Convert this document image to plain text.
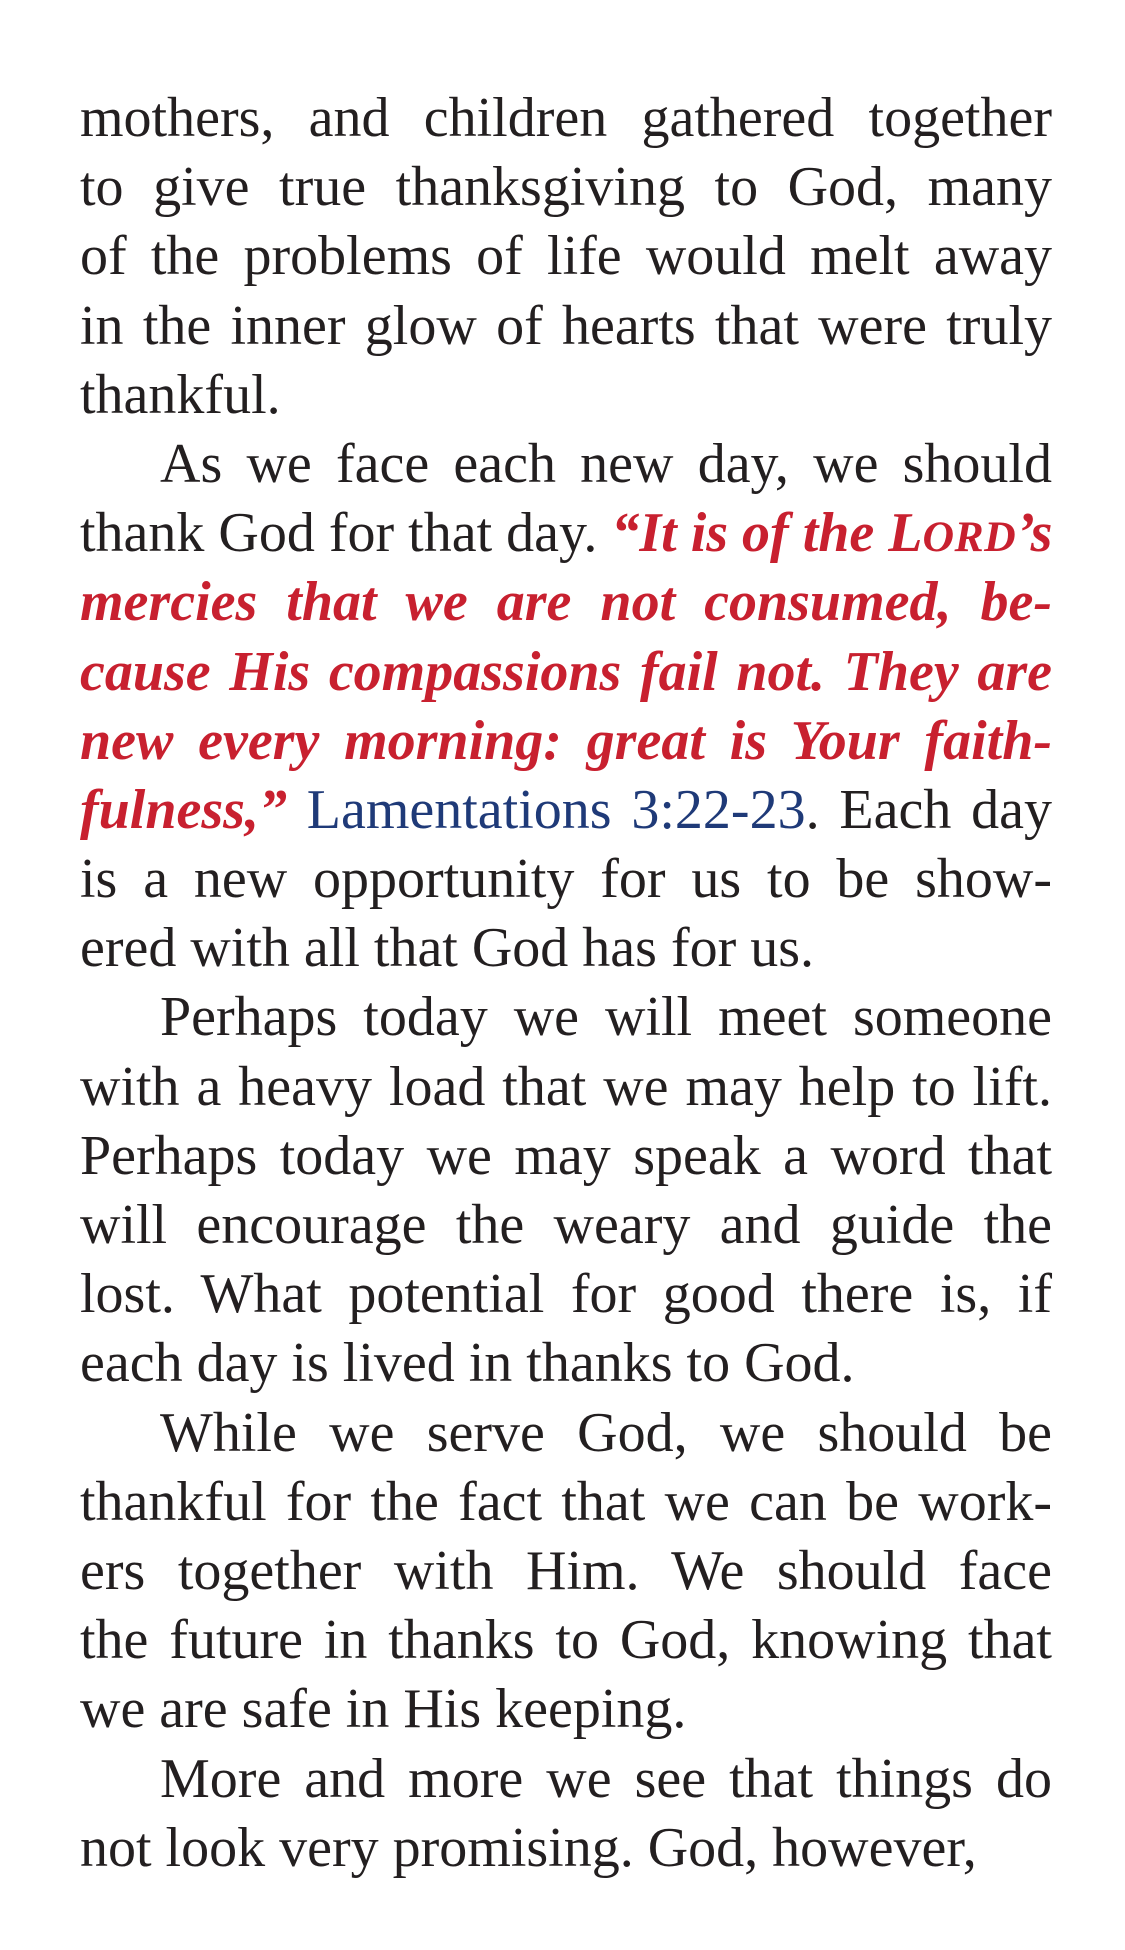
mothers, and children gathered together
to give true thanksgiving to God, many
of the problems of life would melt away
in the inner glow of hearts that were truly
thankful.
As we face each new day, we should
thank God for that day. “It is of the LORD’s
mercies that we are not consumed, be-
cause His compassions fail not. They are
new every morning: great is Your faith-
fulness,” Lamentations 3:22-23. Each day
is a new opportunity for us to be show-
ered with all that God has for us.
Perhaps today we will meet someone
with a heavy load that we may help to lift.
Perhaps today we may speak a word that
will encourage the weary and guide the
lost. What potential for good there is, if
each day is lived in thanks to God.
While we serve God, we should be
thankful for the fact that we can be work-
ers together with Him. We should face
the future in thanks to God, knowing that
we are safe in His keeping.
More and more we see that things do
not look very promising. God, however,
